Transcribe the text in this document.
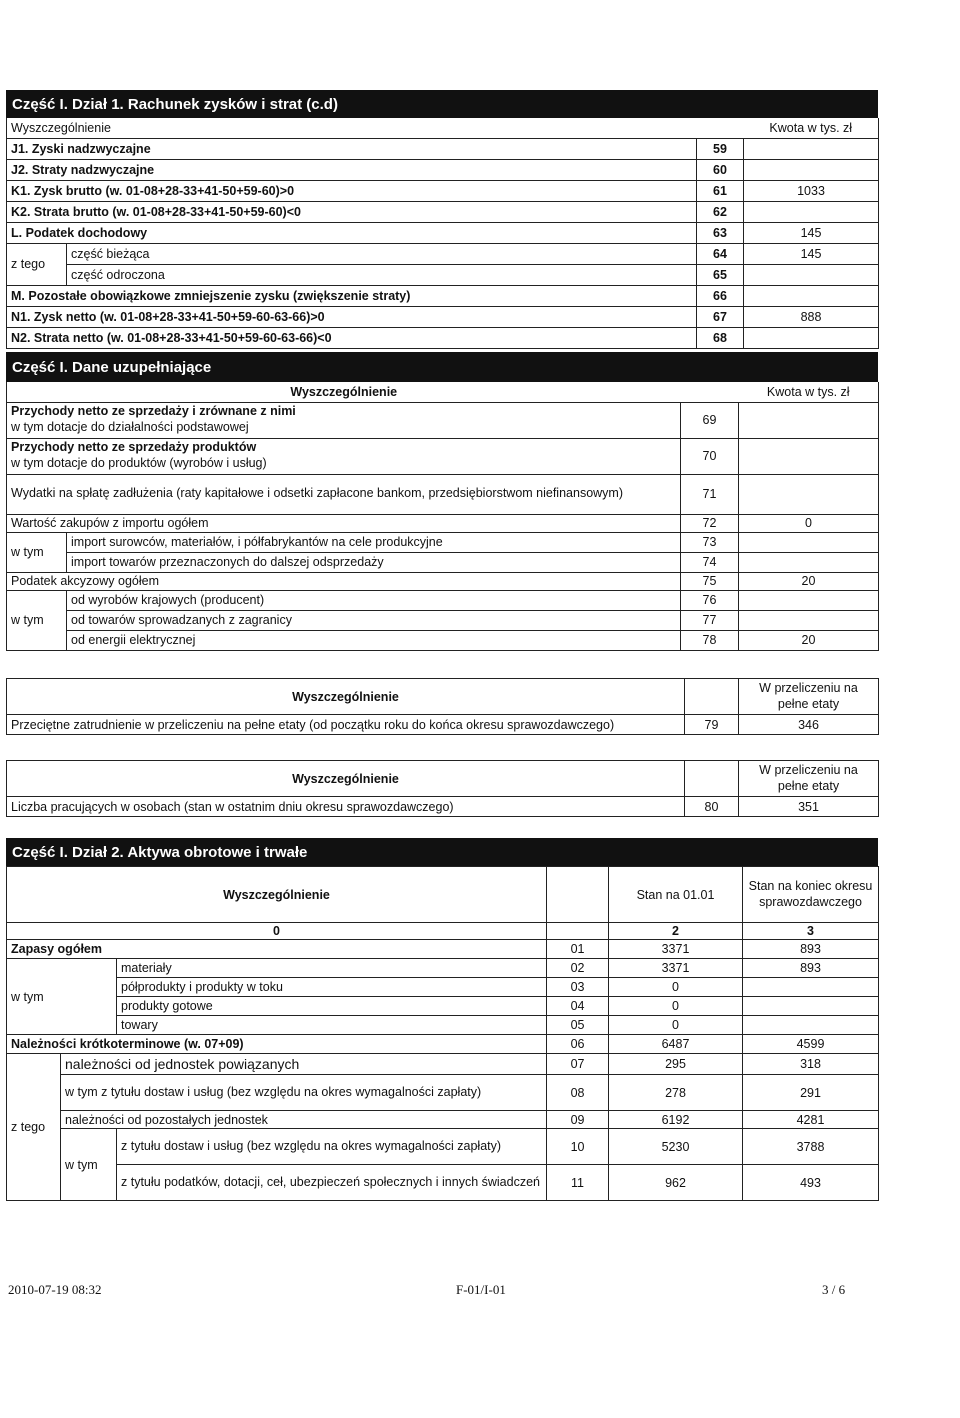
Część I. Dział 1. Rachunek zysków i strat (c.d)
Wyszczególnienie			Kwota w tys. zł
J1. Zyski nadzwyczajne		59	
J2. Straty nadzwyczajne		60	
K1. Zysk brutto (w. 01-08+28-33+41-50+59-60)>0		61	1033
K2. Strata brutto (w. 01-08+28-33+41-50+59-60)<0		62	
L. Podatek dochodowy		63	145
z tego	część bieżąca	64	145
	część odroczona	65	
M. Pozostałe obowiązkowe zmniejszenie zysku (zwiększenie straty)		66	
N1. Zysk netto (w. 01-08+28-33+41-50+59-60-63-66)>0		67	888
N2. Strata netto (w. 01-08+28-33+41-50+59-60-63-66)<0		68	
Część I. Dane uzupełniające
Wyszczególnienie			Kwota w tys. zł

Przychody netto ze sprzedaży i zrównane z nimi
w tym dotacje do działalności podstawowej		69	

Przychody netto ze sprzedaży produktów
w tym dotacje do produktów (wyrobów i usług)		70	
Wydatki na spłatę zadłużenia (raty kapitałowe i odsetki zapłacone bankom, przedsiębiorstwom niefinansowym)		71	
Wartość zakupów z importu ogółem		72	0
w tym	import surowców, materiałów, i półfabrykantów na cele produkcyjne	73	
	import towarów przeznaczonych do dalszej odsprzedaży	74	
Podatek akcyzowy ogółem		75	20
w tym	od wyrobów krajowych (producent)	76	
	od towarów sprowadzanych z zagranicy	77	
	od energii elektrycznej	78	20
Wyszczególnienie		W przeliczeniu na pełne etaty
Przeciętne zatrudnienie w przeliczeniu na pełne etaty (od początku roku do końca okresu sprawozdawczego)	79	346
Wyszczególnienie		W przeliczeniu na pełne etaty
Liczba pracujących w osobach (stan w ostatnim dniu okresu sprawozdawczego)	80	351
Część I. Dział 2. Aktywa obrotowe i trwałe
Wyszczególnienie				Stan na 01.01	Stan na koniec okresu sprawozdawczego
0				2	3
Zapasy ogółem			01	3371	893
w tym		materiały	02	3371	893
		półprodukty i produkty w toku	03	0	
		produkty gotowe	04	0	
		towary	05	0	
Należności krótkoterminowe (w. 07+09)			06	6487	4599
z tego	należności od jednostek powiązanych		07	295	318
	w tym z tytułu dostaw i usług (bez względu na okres wymagalności zapłaty)		08	278	291
	należności od pozostałych jednostek		09	6192	4281
	w tym	z tytułu dostaw i usług (bez względu na okres wymagalności zapłaty)	10	5230	3788
		z tytułu podatków, dotacji, ceł, ubezpieczeń społecznych i innych świadczeń	11	962	493
2010-07-19 08:32	F-01/I-01	3 / 6
